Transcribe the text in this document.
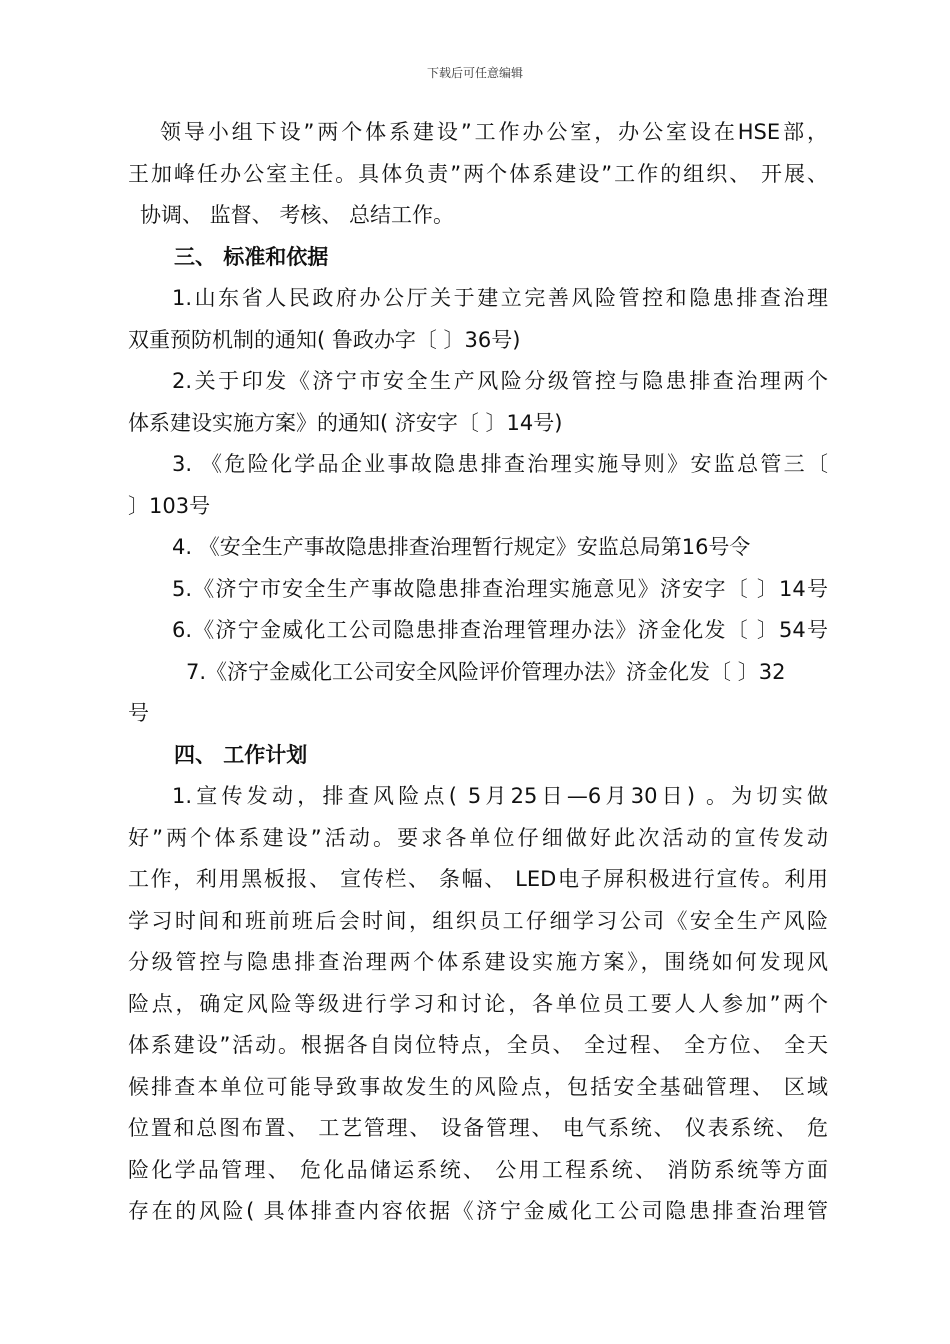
下载后可任意编辑
领导小组下设”两个体系建设”工作办公室，办公室设在HSE部，
王加峰任办公室主任。具体负责”两个体系建设”工作的组织、 开展、
协调、 监督、 考核、 总结工作。
三、 标准和依据
1.山东省人民政府办公厅关于建立完善风险管控和隐患排查治理
双重预防机制的通知( 鲁政办字〔 〕36号)
2.关于印发《济宁市安全生产风险分级管控与隐患排查治理两个
体系建设实施方案》的通知( 济安字〔 〕14号)
3. 《危险化学品企业事故隐患排查治理实施导则》安监总管三〔
〕103号
4. 《安全生产事故隐患排查治理暂行规定》安监总局第16号令
5.《济宁市安全生产事故隐患排查治理实施意见》济安字〔 〕14号
6.《济宁金威化工公司隐患排查治理管理办法》济金化发〔 〕54号
7.《济宁金威化工公司安全风险评价管理办法》济金化发〔 〕32
号
四、 工作计划
1.宣传发动，排查风险点( 5月25日—6月30日) 。为切实做
好”两个体系建设”活动。要求各单位仔细做好此次活动的宣传发动
工作，利用黑板报、 宣传栏、 条幅、 LED电子屏积极进行宣传。利用
学习时间和班前班后会时间，组织员工仔细学习公司《安全生产风险
分级管控与隐患排查治理两个体系建设实施方案》，围绕如何发现风
险点，确定风险等级进行学习和讨论，各单位员工要人人参加”两个
体系建设”活动。根据各自岗位特点，全员、 全过程、 全方位、 全天
候排查本单位可能导致事故发生的风险点，包括安全基础管理、 区域
位置和总图布置、 工艺管理、 设备管理、 电气系统、 仪表系统、 危
险化学品管理、 危化品储运系统、 公用工程系统、 消防系统等方面
存在的风险( 具体排查内容依据《济宁金威化工公司隐患排查治理管
